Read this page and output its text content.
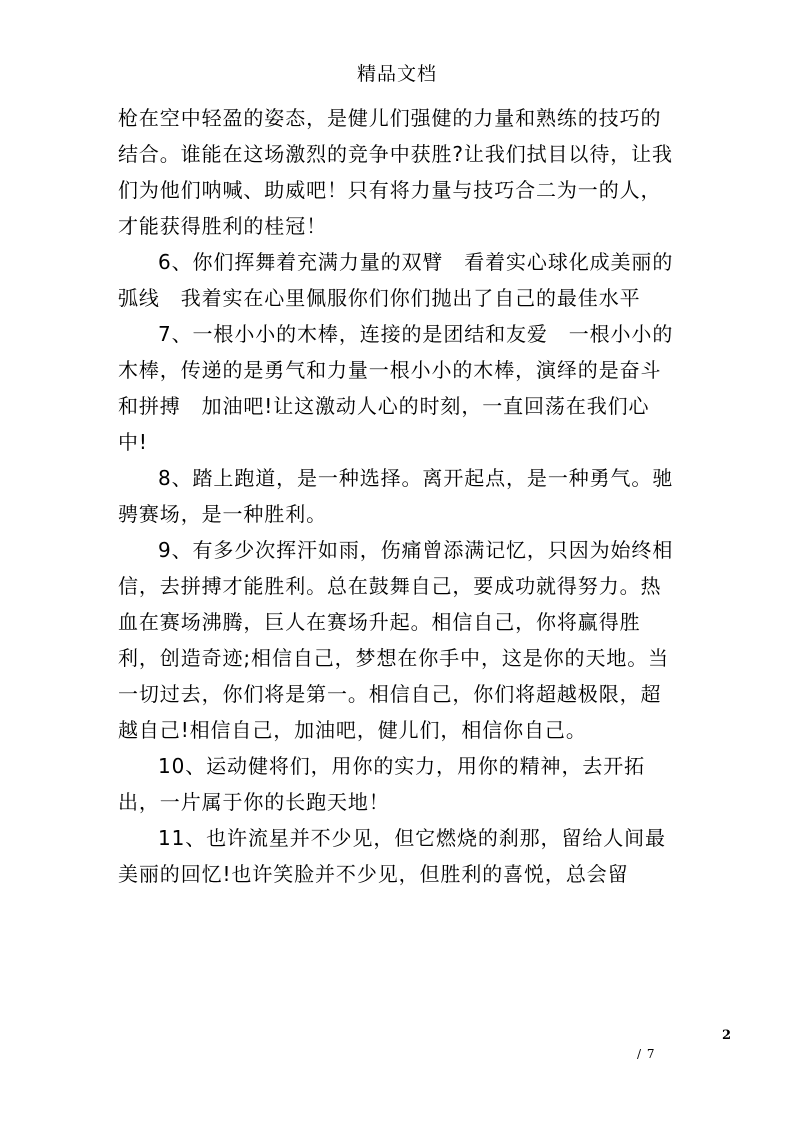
精品文档

枪在空中轻盈的姿态，是健儿们强健的力量和熟练的技巧的结合。谁能在这场激烈的竞争中获胜?让我们拭目以待，让我们为他们呐喊、助威吧！只有将力量与技巧合二为一的人，才能获得胜利的桂冠！

6、你们挥舞着充满力量的双臂　看着实心球化成美丽的弧线　我着实在心里佩服你们你们抛出了自己的最佳水平

7、一根小小的木棒，连接的是团结和友爱　一根小小的木棒，传递的是勇气和力量一根小小的木棒，演绎的是奋斗和拼搏　加油吧!让这激动人心的时刻，一直回荡在我们心中!

8、踏上跑道，是一种选择。离开起点，是一种勇气。驰骋赛场，是一种胜利。

9、有多少次挥汗如雨，伤痛曾添满记忆，只因为始终相信，去拼搏才能胜利。总在鼓舞自己，要成功就得努力。热血在赛场沸腾，巨人在赛场升起。相信自己，你将赢得胜利，创造奇迹;相信自己，梦想在你手中，这是你的天地。当一切过去，你们将是第一。相信自己，你们将超越极限，超越自己!相信自己，加油吧，健儿们，相信你自己。

10、运动健将们，用你的实力，用你的精神，去开拓出，一片属于你的长跑天地！

11、也许流星并不少见，但它燃烧的刹那，留给人间最美丽的回忆!也许笑脸并不少见，但胜利的喜悦，总会留

2
/ 7
